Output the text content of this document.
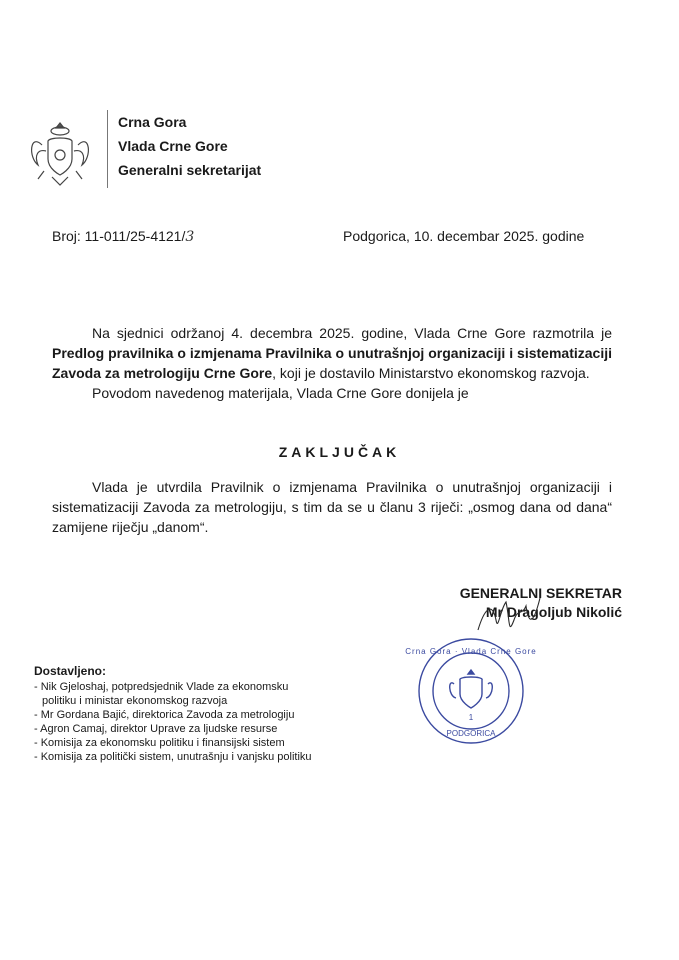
Crna Gora
Vlada Crne Gore
Generalni sekretarijat
Broj: 11-011/25-4121/3	Podgorica, 10. decembar 2025. godine

Na sjednici održanoj 4. decembra 2025. godine, Vlada Crne Gore razmotrila je Predlog pravilnika o izmjenama Pravilnika o unutrašnjoj organizaciji i sistematizaciji Zavoda za metrologiju Crne Gore, koji je dostavilo Ministarstvo ekonomskog razvoja.

Povodom navedenog materijala, Vlada Crne Gore donijela je

ZAKLJUČAK

Vlada je utvrdila Pravilnik o izmjenama Pravilnika o unutrašnjoj organizaciji i sistematizaciji Zavoda za metrologiju, s tim da se u članu 3 riječi: „osmog dana od dana“ zamijene riječju „danom“.

GENERALNI SEKRETAR
Mr Dragoljub Nikolić
Crna Gora · Vlada Crne Gore
1
PODGORICA
Dostavljeno:
- Nik Gjeloshaj, potpredsjednik Vlade za ekonomsku
politiku i ministar ekonomskog razvoja
- Mr Gordana Bajić, direktorica Zavoda za metrologiju
- Agron Camaj, direktor Uprave za ljudske resurse
- Komisija za ekonomsku politiku i finansijski sistem
- Komisija za politički sistem, unutrašnju i vanjsku politiku
